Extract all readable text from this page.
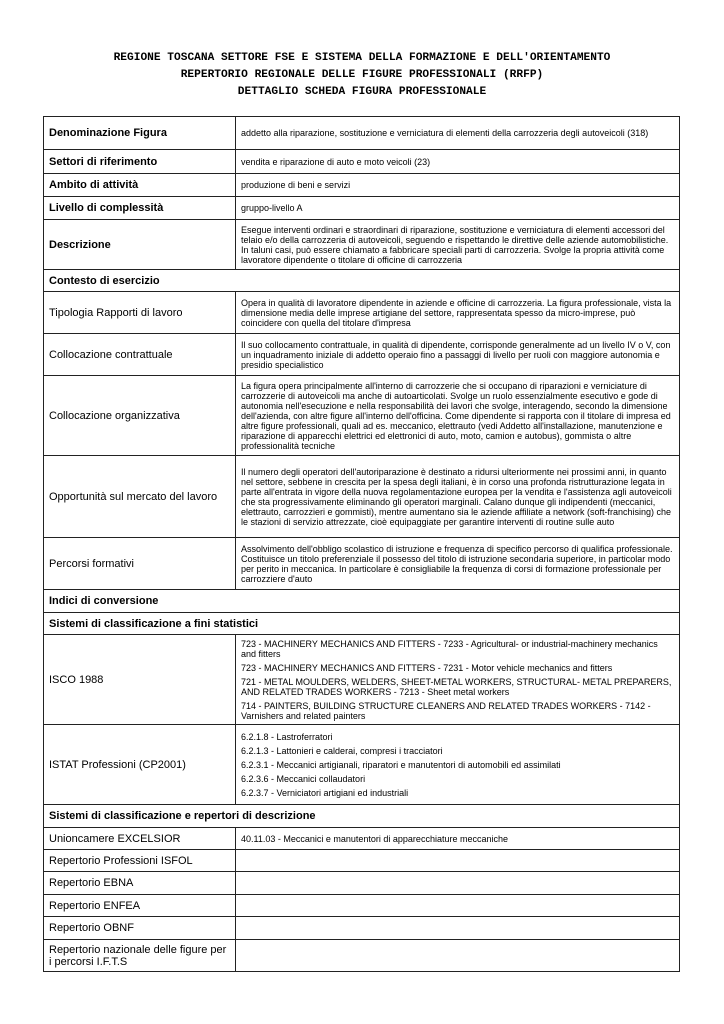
REGIONE TOSCANA SETTORE FSE E SISTEMA DELLA FORMAZIONE E DELL'ORIENTAMENTO
REPERTORIO REGIONALE DELLE FIGURE PROFESSIONALI (RRFP)
DETTAGLIO SCHEDA FIGURA PROFESSIONALE
Denominazione Figura	addetto alla riparazione, sostituzione e verniciatura di elementi della carrozzeria degli autoveicoli (318)
Settori di riferimento	vendita e riparazione di auto e moto veicoli (23)
Ambito di attività	produzione di beni e servizi
Livello di complessità	gruppo-livello A
Descrizione	Esegue interventi ordinari e straordinari di riparazione, sostituzione e verniciatura di elementi accessori del telaio e/o della carrozzeria di autoveicoli, seguendo e rispettando le direttive delle aziende automobilistiche. In taluni casi, può essere chiamato a fabbricare speciali parti di carrozzeria. Svolge la propria attività come lavoratore dipendente o titolare di officine di carrozzeria
Contesto di esercizio	
Tipologia Rapporti di lavoro	Opera in qualità di lavoratore dipendente in aziende e officine di carrozzeria. La figura professionale, vista la dimensione media delle imprese artigiane del settore, rappresentata spesso da micro-imprese, può coincidere con quella del titolare d'impresa
Collocazione contrattuale	Il suo collocamento contrattuale, in qualità di dipendente, corrisponde generalmente ad un livello IV o V, con un inquadramento iniziale di addetto operaio fino a passaggi di livello per ruoli con maggiore autonomia e presidio specialistico
Collocazione organizzativa	La figura opera principalmente all'interno di carrozzerie che si occupano di riparazioni e verniciature di carrozzerie di autoveicoli ma anche di autoarticolati. Svolge un ruolo essenzialmente esecutivo e gode di autonomia nell'esecuzione e nella responsabilità dei lavori che svolge, interagendo, secondo la dimensione dell'azienda, con altre figure all'interno dell'officina. Come dipendente si rapporta con il titolare di impresa ed altre figure professionali, quali ad es. meccanico, elettrauto (vedi Addetto all'installazione, manutenzione e riparazione di apparecchi elettrici ed elettronici di auto, moto, camion e autobus), gommista o altre professionalità tecniche
Opportunità sul mercato del lavoro	Il numero degli operatori dell'autoriparazione è destinato a ridursi ulteriormente nei prossimi anni, in quanto nel settore, sebbene in crescita per la spesa degli italiani, è in corso una profonda ristrutturazione legata in parte all'entrata in vigore della nuova regolamentazione europea per la vendita e l'assistenza agli autoveicoli che sta progressivamente eliminando gli operatori marginali. Calano dunque gli indipendenti (meccanici, elettrauto, carrozzieri e gommisti), mentre aumentano sia le aziende affiliate a network (soft-franchising) che le stazioni di servizio attrezzate, cioè equipaggiate per garantire interventi di routine sulle auto
Percorsi formativi	Assolvimento dell'obbligo scolastico di istruzione e frequenza di specifico percorso di qualifica professionale. Costituisce un titolo preferenziale il possesso del titolo di istruzione secondaria superiore, in particolar modo per perito in meccanica. In particolare è consigliabile la frequenza di corsi di formazione professionale per carrozziere d'auto
Indici di conversione	
Sistemi di classificazione a fini statistici	
ISCO 1988	723 - MACHINERY MECHANICS AND FITTERS - 7233 - Agricultural- or industrial-machinery mechanics and fitters
723 - MACHINERY MECHANICS AND FITTERS - 7231 - Motor vehicle mechanics and fitters
721 - METAL MOULDERS, WELDERS, SHEET-METAL WORKERS, STRUCTURAL- METAL PREPARERS, AND RELATED TRADES WORKERS - 7213 - Sheet metal workers
714 - PAINTERS, BUILDING STRUCTURE CLEANERS AND RELATED TRADES WORKERS - 7142 - Varnishers and related painters

ISTAT Professioni (CP2001)	6.2.1.8 - Lastroferratori
6.2.1.3 - Lattonieri e calderai, compresi i tracciatori
6.2.3.1 - Meccanici artigianali, riparatori e manutentori di automobili ed assimilati
6.2.3.6 - Meccanici collaudatori
6.2.3.7 - Verniciatori artigiani ed industriali

Sistemi di classificazione e repertori di descrizione	
Unioncamere EXCELSIOR	40.11.03 - Meccanici e manutentori di apparecchiature meccaniche
Repertorio Professioni ISFOL	
Repertorio EBNA	
Repertorio ENFEA	
Repertorio OBNF	
Repertorio nazionale delle figure per i percorsi I.F.T.S	
